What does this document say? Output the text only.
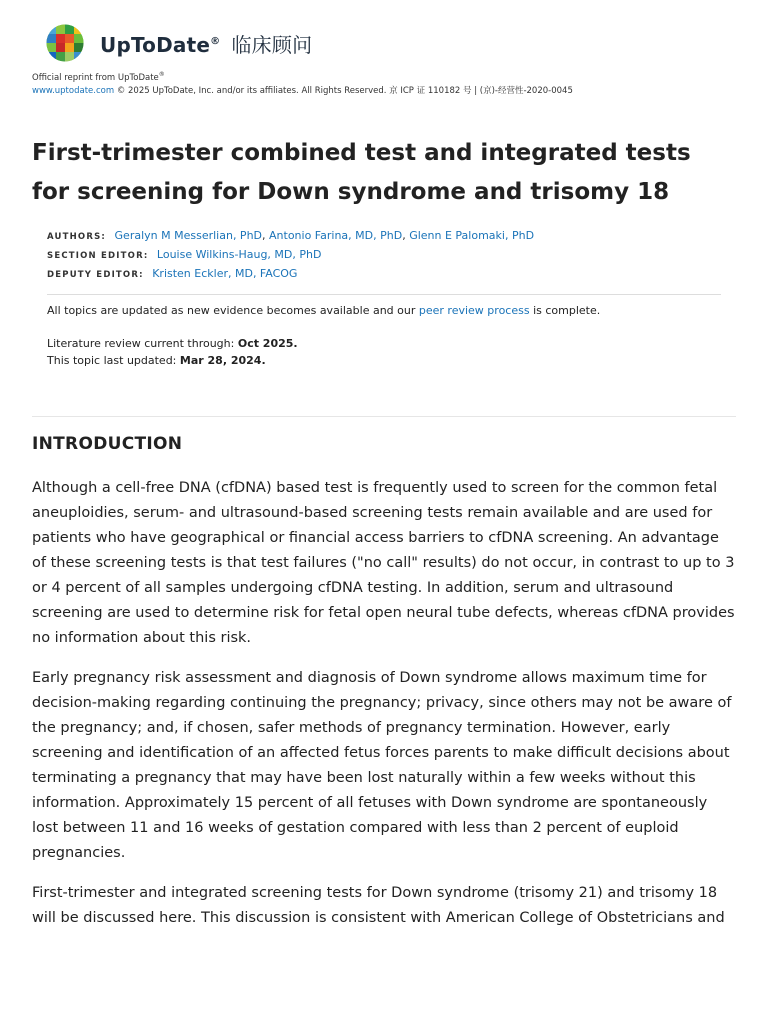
UpToDate® 临床顾问
Official reprint from UpToDate®
www.uptodate.com © 2025 UpToDate, Inc. and/or its affiliates. All Rights Reserved. 京 ICP 证 110182 号 | (京)-经营性-2020-0045
First-trimester combined test and integrated tests for screening for Down syndrome and trisomy 18
AUTHORS: Geralyn M Messerlian, PhD, Antonio Farina, MD, PhD, Glenn E Palomaki, PhD
SECTION EDITOR: Louise Wilkins-Haug, MD, PhD
DEPUTY EDITOR: Kristen Eckler, MD, FACOG

All topics are updated as new evidence becomes available and our peer review process is complete.

Literature review current through: Oct 2025.

This topic last updated: Mar 28, 2024.

INTRODUCTION

Although a cell-free DNA (cfDNA) based test is frequently used to screen for the common fetal aneuploidies, serum- and ultrasound-based screening tests remain available and are used for patients who have geographical or financial access barriers to cfDNA screening. An advantage of these screening tests is that test failures ("no call" results) do not occur, in contrast to up to 3 or 4 percent of all samples undergoing cfDNA testing. In addition, serum and ultrasound screening are used to determine risk for fetal open neural tube defects, whereas cfDNA provides no information about this risk.

Early pregnancy risk assessment and diagnosis of Down syndrome allows maximum time for decision-making regarding continuing the pregnancy; privacy, since others may not be aware of the pregnancy; and, if chosen, safer methods of pregnancy termination. However, early screening and identification of an affected fetus forces parents to make difficult decisions about terminating a pregnancy that may have been lost naturally within a few weeks without this information. Approximately 15 percent of all fetuses with Down syndrome are spontaneously lost between 11 and 16 weeks of gestation compared with less than 2 percent of euploid pregnancies.

First-trimester and integrated screening tests for Down syndrome (trisomy 21) and trisomy 18 will be discussed here. This discussion is consistent with American College of Obstetricians and
